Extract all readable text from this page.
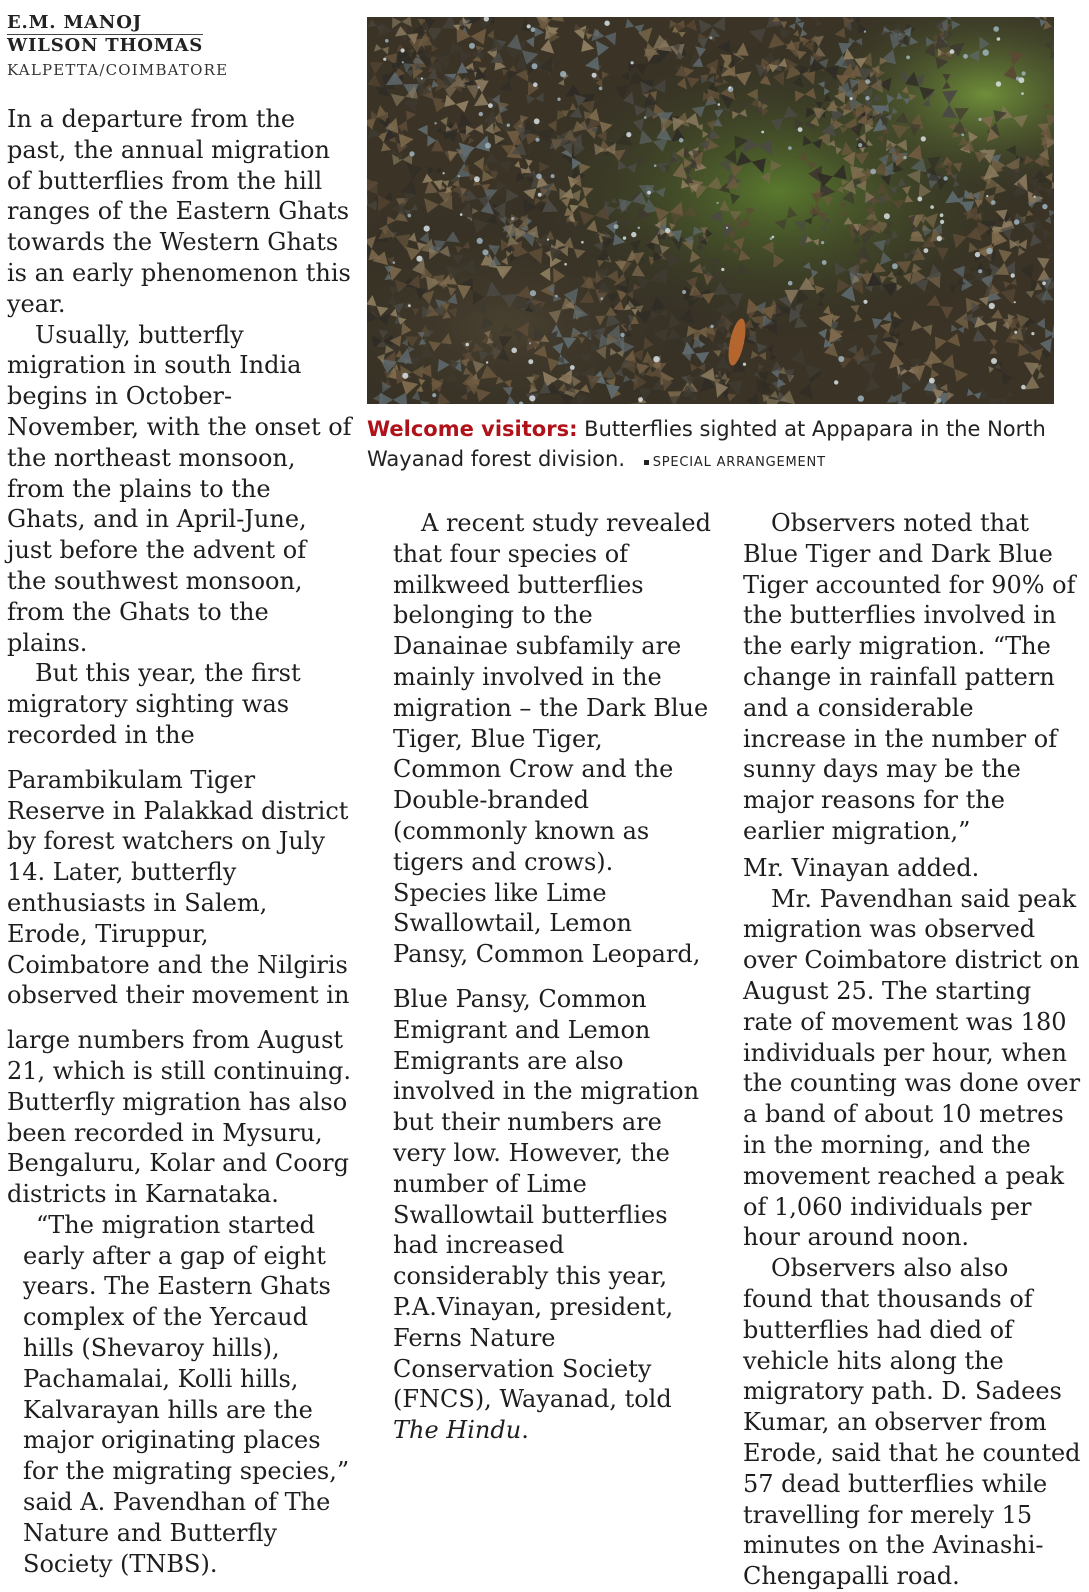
E.M. MANOJ
WILSON THOMAS
KALPETTA/COIMBATORE

In a departure from the past, the annual migration of butterflies from the hill ranges of the Eastern Ghats towards the Western Ghats is an early phenomenon this year.

Usually, butterfly migration in south India begins in October-November, with the onset of the northeast monsoon, from the plains to the Ghats, and in April-June, just before the advent of the southwest monsoon, from the Ghats to the plains.

But this year, the first migratory sighting was recorded in the

Parambikulam Tiger Reserve in Palakkad district by forest watchers on July 14. Later, butterfly enthusiasts in Salem, Erode, Tiruppur, Coimbatore and the Nilgiris observed their movement in

large numbers from August 21, which is still continuing. Butterfly migration has also been recorded in Mysuru, Bengaluru, Kolar and Coorg districts in Karnataka.

“The migration started early after a gap of eight years. The Eastern Ghats complex of the Yercaud hills (Shevaroy hills), Pachamalai, Kolli hills, Kalvarayan hills are the major originating places for the migrating species,” said A. Pavendhan of The Nature and Butterfly Society (TNBS).

Welcome visitors: Butterflies sighted at Appapara in the North Wayanad forest division. SPECIAL ARRANGEMENT

A recent study revealed that four species of milkweed butterflies belonging to the Danainae subfamily are mainly involved in the migration – the Dark Blue Tiger, Blue Tiger, Common Crow and the Double-branded (commonly known as tigers and crows). Species like Lime Swallowtail, Lemon Pansy, Common Leopard,

Blue Pansy, Common Emigrant and Lemon Emigrants are also involved in the migration but their numbers are very low. However, the number of Lime Swallowtail butterflies had increased considerably this year, P.A.Vinayan, president, Ferns Nature Conservation Society (FNCS), Wayanad, told The Hindu.

Observers noted that Blue Tiger and Dark Blue Tiger accounted for 90% of the butterflies involved in the early migration. “The change in rainfall pattern and a considerable increase in the number of sunny days may be the major reasons for the earlier migration,”

Mr. Vinayan added.

Mr. Pavendhan said peak migration was observed over Coimbatore district on August 25. The starting rate of movement was 180 individuals per hour, when the counting was done over a band of about 10 metres in the morning, and the movement reached a peak of 1,060 individuals per hour around noon.

Observers also also found that thousands of butterflies had died of vehicle hits along the migratory path. D. Sadees Kumar, an observer from Erode, said that he counted 57 dead butterflies while travelling for merely 15 minutes on the Avinashi-Chengapalli road.
